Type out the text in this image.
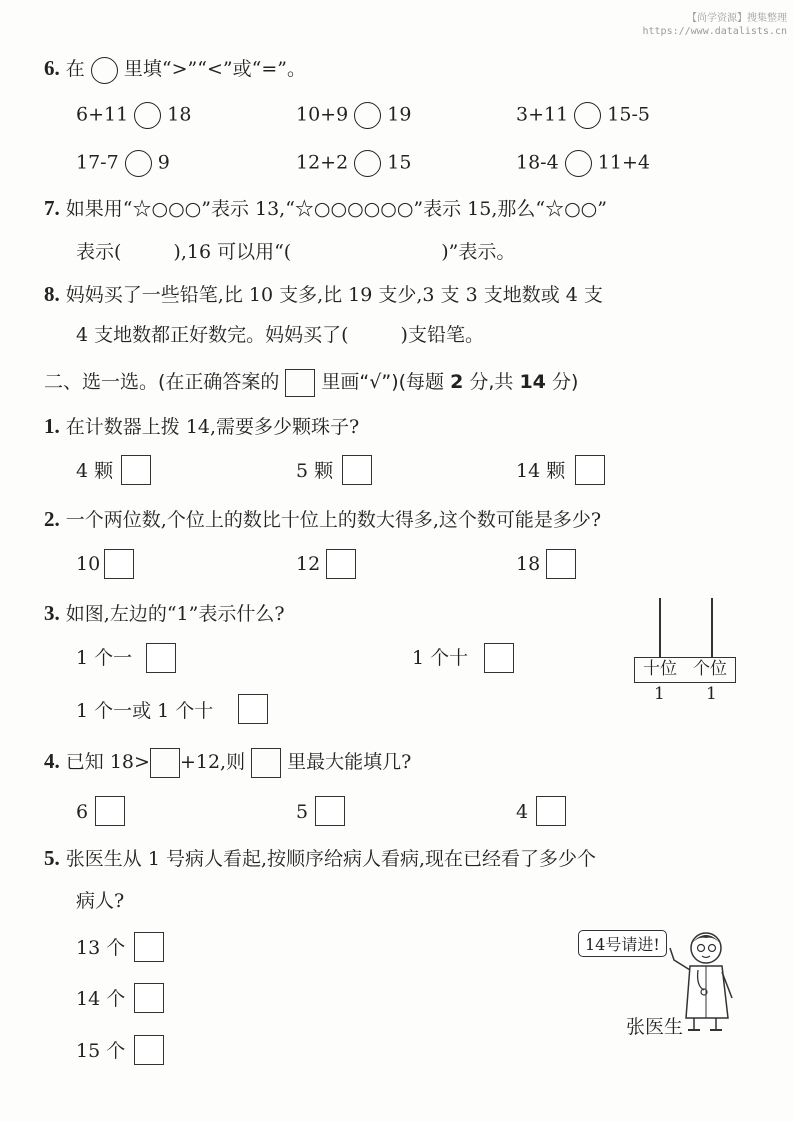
【尚学资源】搜集整理
https://www.datalists.cn
6. 在 里填“>”“<”或“=”。
6+11 18	10+9 19	3+11 15-5
17-7 9	12+2 15	18-4 11+4
7. 如果用“☆○○○”表示 13,“☆○○○○○○”表示 15,那么“☆○○”
表示(	),16 可以用“(	)”表示。
8. 妈妈买了一些铅笔,比 10 支多,比 19 支少,3 支 3 支地数或 4 支
4 支地数都正好数完。妈妈买了(	)支铅笔。
二、选一选。(在正确答案的 里画“√”)(每题 2 分,共 14 分)
1. 在计数器上拨 14,需要多少颗珠子?
4 颗	5 颗	14 颗
2. 一个两位数,个位上的数比十位上的数大得多,这个数可能是多少?
10	12	18
3. 如图,左边的“1”表示什么?
1 个一	1 个十
1 个一或 1 个十
十位 个位
1 1
4. 已知 18> +12,则 里最大能填几?
6	5	4
5. 张医生从 1 号病人看起,按顺序给病人看病,现在已经看了多少个
病人?
13 个
14 个
15 个
14号请进!
张医生
